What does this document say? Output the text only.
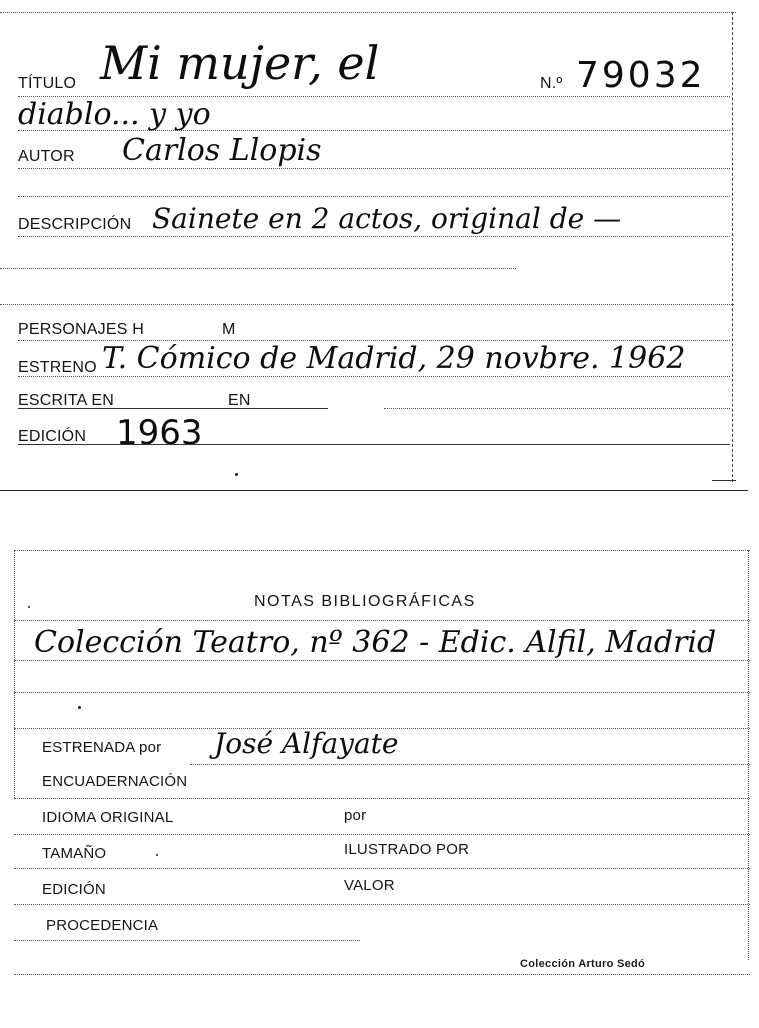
TÍTULO Mi mujer, el	N.º 79032
diablo... y yo
AUTOR Carlos Llopis
DESCRIPCIÓN Sainete en 2 actos, original de —
PERSONAJES H	M
ESTRENO T. Cómico de Madrid, 29 novbre. 1962
ESCRITA EN	EN
EDICIÓN 1963
NOTAS BIBLIOGRÁFICAS
Colección Teatro, nº 362 - Edic. Alfil, Madrid
ESTRENADA por José Alfayate
ENCUADERNACIÓN
IDIOMA ORIGINAL	por
TAMAÑO	ILUSTRADO POR
EDICIÓN	VALOR
PROCEDENCIA
Colección Arturo Sedó
